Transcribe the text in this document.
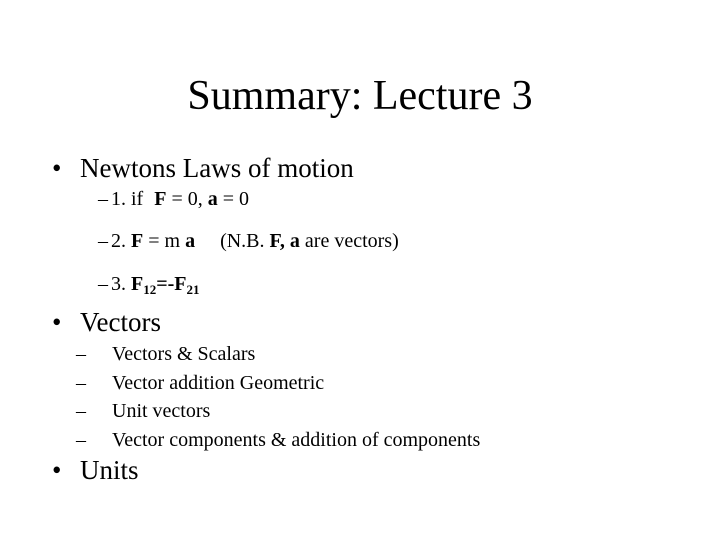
Summary: Lecture 3
• Newtons Laws of motion
– 1. if F = 0, a = 0
– 2. F = m a (N.B. F, a are vectors)
– 3. $F_{12}=-F_{21}$
• Vectors
– Vectors & Scalars
– Vector addition Geometric
– Unit vectors
– Vector components & addition of components
• Units
